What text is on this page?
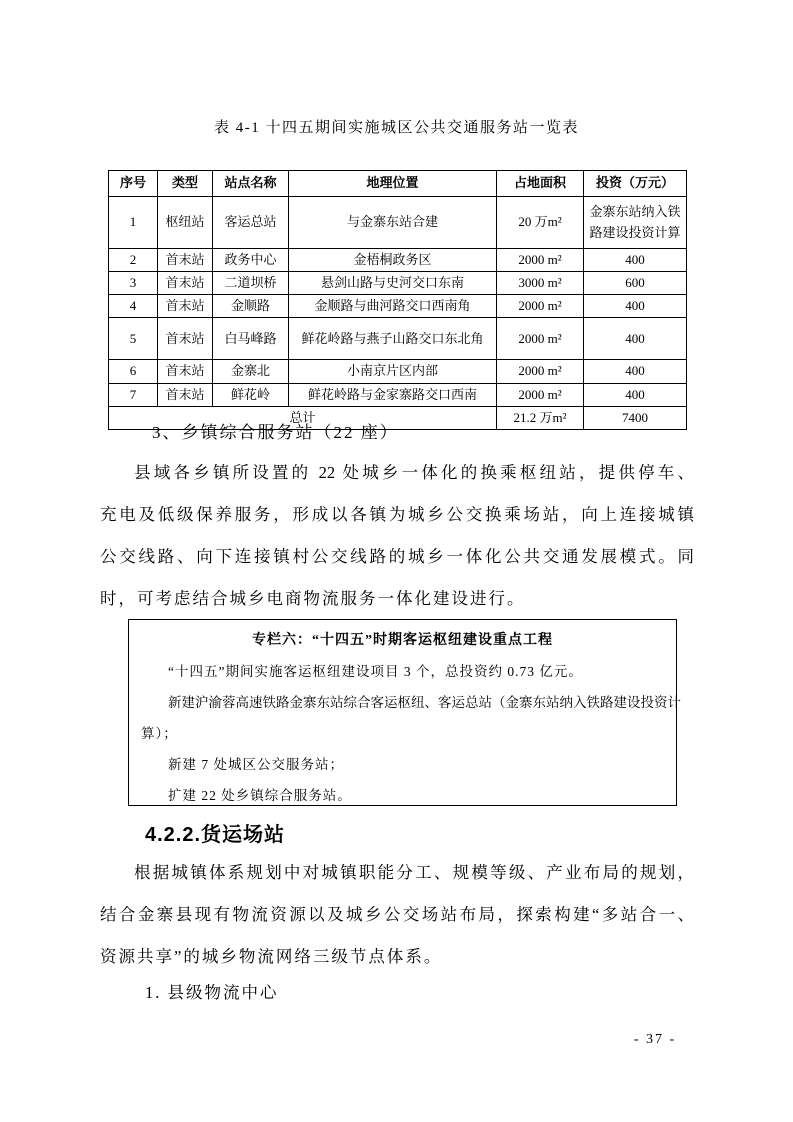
表 4-1 十四五期间实施城区公共交通服务站一览表
序号	类型	站点名称	地理位置	占地面积	投资（万元）
1	枢纽站	客运总站	与金寨东站合建	20 万m²	金寨东站纳入铁路建设投资计算
2	首末站	政务中心	金梧桐政务区	2000 m²	400
3	首末站	二道坝桥	悬剑山路与史河交口东南	3000 m²	600
4	首末站	金顺路	金顺路与曲河路交口西南角	2000 m²	400
5	首末站	白马峰路	鲜花岭路与燕子山路交口东北角	2000 m²	400
6	首末站	金寨北	小南京片区内部	2000 m²	400
7	首末站	鲜花岭	鲜花岭路与金家寨路交口西南	2000 m²	400
总计				21.2 万m²	7400
3、乡镇综合服务站（22 座）
县域各乡镇所设置的 22 处城乡一体化的换乘枢纽站，提供停车、
充电及低级保养服务，形成以各镇为城乡公交换乘场站，向上连接城镇
公交线路、向下连接镇村公交线路的城乡一体化公共交通发展模式。同
时，可考虑结合城乡电商物流服务一体化建设进行。
专栏六：“十四五”时期客运枢纽建设重点工程
“十四五”期间实施客运枢纽建设项目 3 个，总投资约 0.73 亿元。
新建沪渝蓉高速铁路金寨东站综合客运枢纽、客运总站（金寨东站纳入铁路建设投资计
算）；
新建 7 处城区公交服务站；
扩建 22 处乡镇综合服务站。
4.2.2.货运场站
根据城镇体系规划中对城镇职能分工、规模等级、产业布局的规划，
结合金寨县现有物流资源以及城乡公交场站布局，探索构建“多站合一、
资源共享”的城乡物流网络三级节点体系。
1. 县级物流中心
- 37 -
